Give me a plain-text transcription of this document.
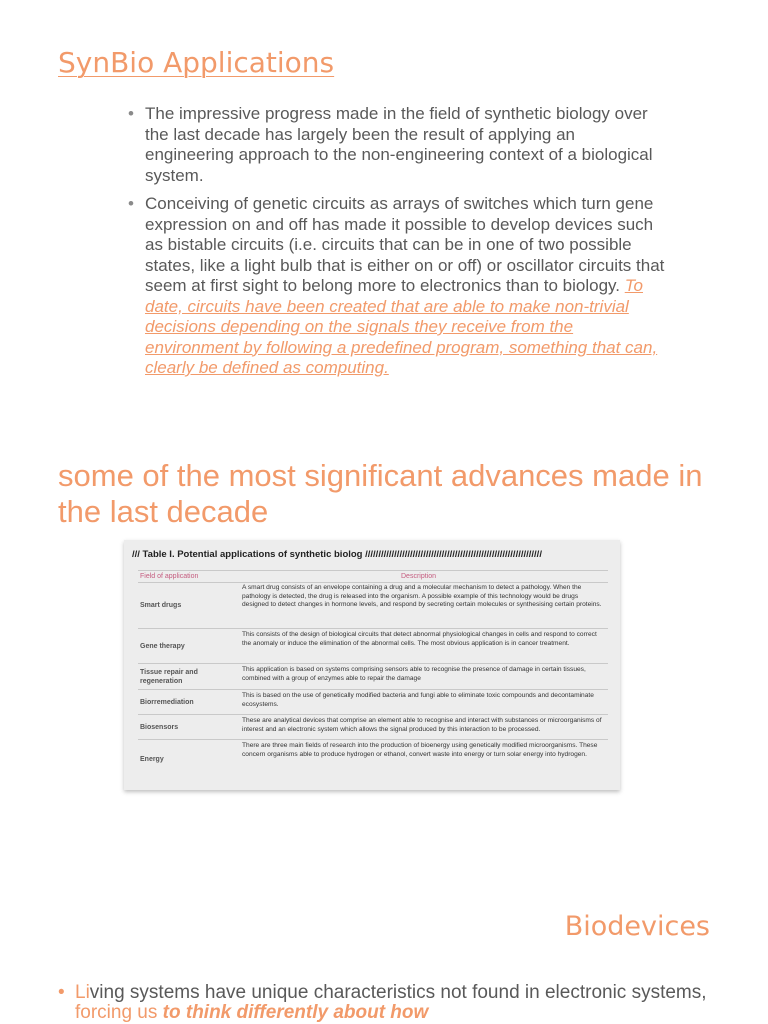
SynBio Applications
• The impressive progress made in the field of synthetic biology over the last decade has largely been the result of applying an engineering approach to the non-engineering context of a biological system.
• Conceiving of genetic circuits as arrays of switches which turn gene expression on and off has made it possible to develop devices such as bistable circuits (i.e. circuits that can be in one of two possible states, like a light bulb that is either on or off) or oscillator circuits that seem at first sight to belong more to electronics than to biology. To date, circuits have been created that are able to make non-trivial decisions depending on the signals they receive from the environment by following a predefined program, something that can, clearly be defined as computing.
some of the most significant advances made in the last decade
/// Table I. Potential applications of synthetic biolog ///////////////////////////////////////////////////////////////////
Field of application	Description
Smart drugs
A smart drug consists of an envelope containing a drug and a molecular mechanism to detect a pathology. When the pathology is detected, the drug is released into the organism. A possible example of this technology would be drugs designed to detect changes in hormone levels, and respond by secreting certain molecules or synthesising certain proteins.
Gene therapy
This consists of the design of biological circuits that detect abnormal physiological changes in cells and respond to correct the anomaly or induce the elimination of the abnormal cells. The most obvious application is in cancer treatment.
Tissue repair and regeneration
This application is based on systems comprising sensors able to recognise the presence of damage in certain tissues, combined with a group of enzymes able to repair the damage
Biorremediation
This is based on the use of genetically modified bacteria and fungi able to eliminate toxic compounds and decontaminate ecosystems.
Biosensors
These are analytical devices that comprise an element able to recognise and interact with substances or microorganisms of interest and an electronic system which allows the signal produced by this interaction to be processed.
Energy
There are three main fields of research into the production of bioenergy using genetically modified microorganisms. These concern organisms able to produce hydrogen or ethanol, convert waste into energy or turn solar energy into hydrogen.
Biodevices
• Living systems have unique characteristics not found in electronic systems, forcing us to think differently about how
